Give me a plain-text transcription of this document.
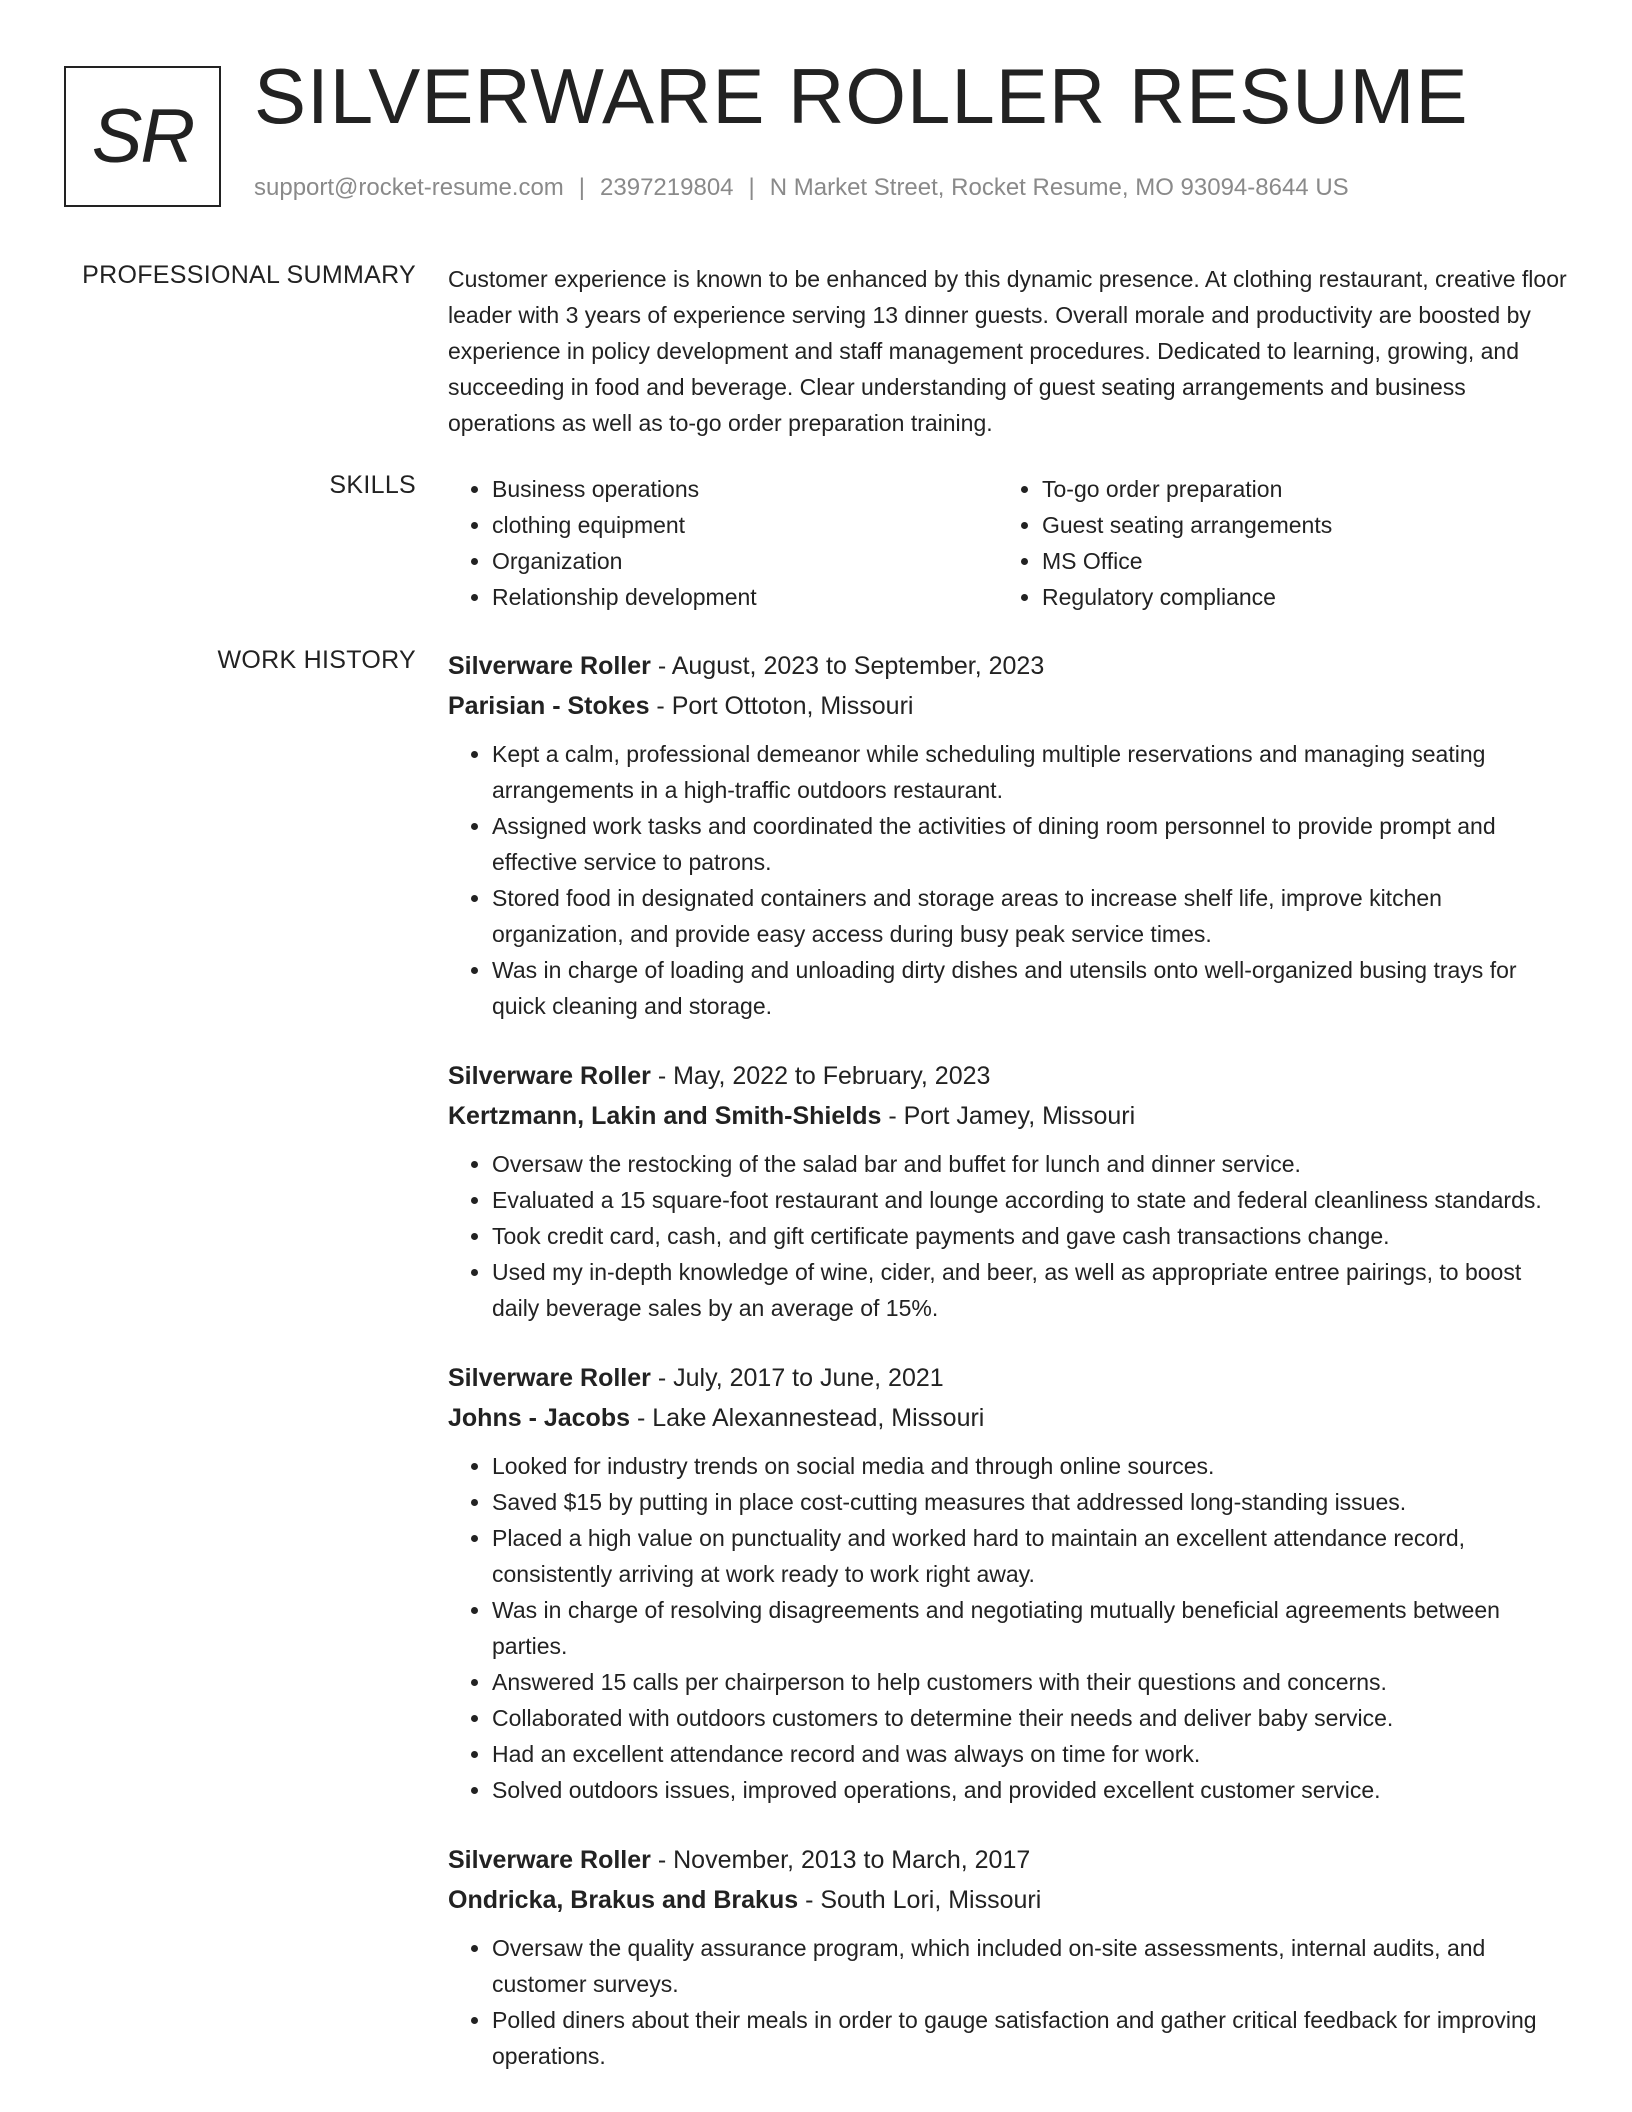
SR SILVERWARE ROLLER RESUME
support@rocket-resume.com | 2397219804 | N Market Street, Rocket Resume, MO 93094-8644 US
PROFESSIONAL SUMMARY Customer experience is known to be enhanced by this dynamic presence. At clothing restaurant, creative floor leader with 3 years of experience serving 13 dinner guests. Overall morale and productivity are boosted by experience in policy development and staff management procedures. Dedicated to learning, growing, and succeeding in food and beverage. Clear understanding of guest seating arrangements and business operations as well as to-go order preparation training.

SKILLS
•	Business operations
• clothing equipment
• Organization
• Relationship development
• To-go order preparation
• Guest seating arrangements
• MS Office
• Regulatory compliance
WORK HISTORY Silverware Roller - August, 2023 to September, 2023
Parisian - Stokes - Port Ottoton, Missouri
• Kept a calm, professional demeanor while scheduling multiple reservations and managing seating arrangements in a high-traffic outdoors restaurant.
• Assigned work tasks and coordinated the activities of dining room personnel to provide prompt and effective service to patrons.
• Stored food in designated containers and storage areas to increase shelf life, improve kitchen organization, and provide easy access during busy peak service times.
• Was in charge of loading and unloading dirty dishes and utensils onto well-organized busing trays for quick cleaning and storage.
Silverware Roller - May, 2022 to February, 2023
Kertzmann, Lakin and Smith-Shields - Port Jamey, Missouri
• Oversaw the restocking of the salad bar and buffet for lunch and dinner service.
• Evaluated a 15 square-foot restaurant and lounge according to state and federal cleanliness standards.
• Took credit card, cash, and gift certificate payments and gave cash transactions change.
• Used my in-depth knowledge of wine, cider, and beer, as well as appropriate entree pairings, to boost daily beverage sales by an average of 15%.
Silverware Roller - July, 2017 to June, 2021
Johns - Jacobs - Lake Alexannestead, Missouri
• Looked for industry trends on social media and through online sources.
• Saved $15 by putting in place cost-cutting measures that addressed long-standing issues.
• Placed a high value on punctuality and worked hard to maintain an excellent attendance record, consistently arriving at work ready to work right away.
• Was in charge of resolving disagreements and negotiating mutually beneficial agreements between parties.
• Answered 15 calls per chairperson to help customers with their questions and concerns.
• Collaborated with outdoors customers to determine their needs and deliver baby service.
• Had an excellent attendance record and was always on time for work.
• Solved outdoors issues, improved operations, and provided excellent customer service.
Silverware Roller - November, 2013 to March, 2017
Ondricka, Brakus and Brakus - South Lori, Missouri
• Oversaw the quality assurance program, which included on-site assessments, internal audits, and customer surveys.
• Polled diners about their meals in order to gauge satisfaction and gather critical feedback for improving operations.
